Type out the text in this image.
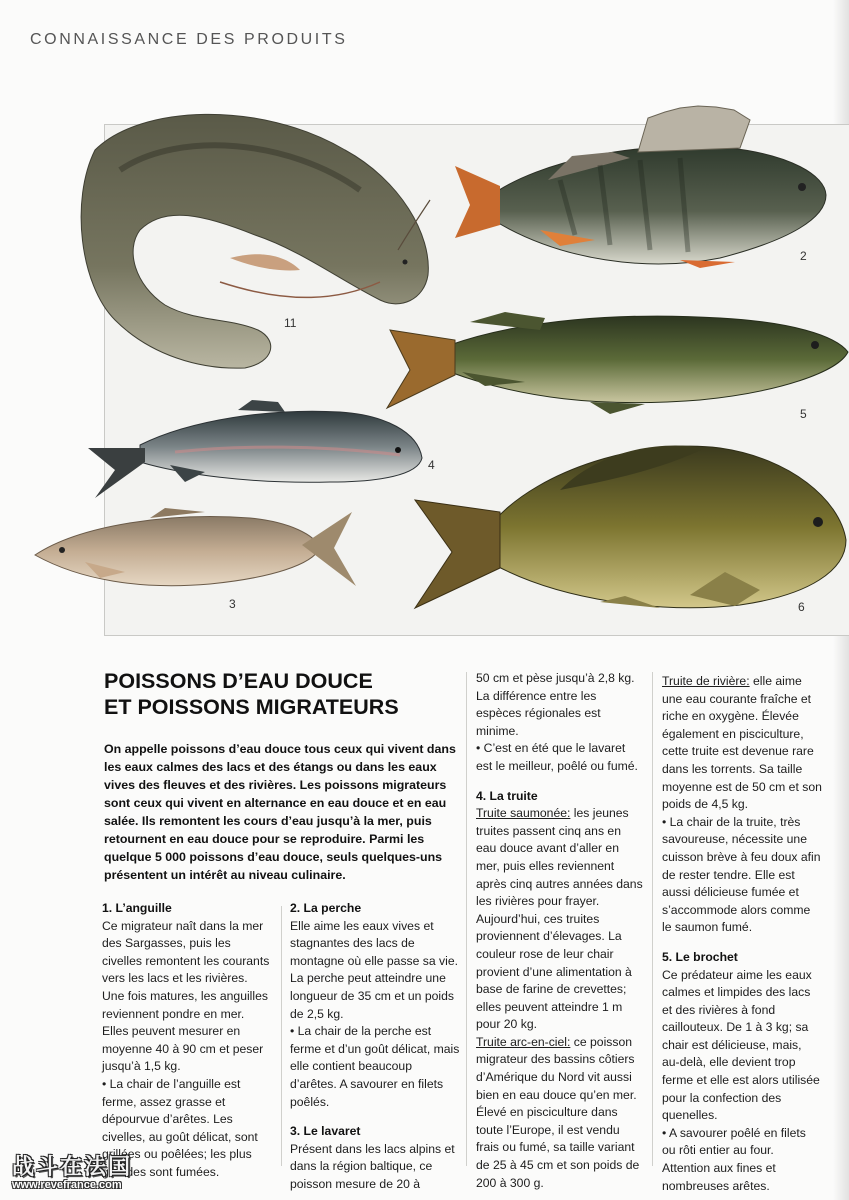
CONNAISSANCE DES PRODUITS
11
2
5
4
3	6
POISSONS D’EAU DOUCE
ET POISSONS MIGRATEURS
On appelle poissons d’eau douce tous ceux qui vivent dans les eaux calmes des lacs et des étangs ou dans les eaux vives des fleuves et des rivières. Les poissons migrateurs sont ceux qui vivent en alternance en eau douce et en eau salée. Ils remontent les cours d’eau jusqu’à la mer, puis retournent en eau douce pour se reproduire. Parmi les quelque 5 000 poissons d’eau douce, seuls quelques-uns présentent un intérêt au niveau culinaire.

1. L’anguille

Ce migrateur naît dans la mer des Sargasses, puis les civelles remontent les courants vers les lacs et les rivières. Une fois matures, les anguilles reviennent pondre en mer. Elles peuvent mesurer en moyenne 40 à 90 cm et peser jusqu’à 1,5 kg.

• La chair de l’anguille est ferme, assez grasse et dépourvue d’arêtes. Les civelles, au goût délicat, sont grillées ou poêlées; les plus grandes sont fumées.

2. La perche

Elle aime les eaux vives et stagnantes des lacs de montagne où elle passe sa vie. La perche peut atteindre une longueur de 35 cm et un poids de 2,5 kg.

• La chair de la perche est ferme et d’un goût délicat, mais elle contient beaucoup d’arêtes. A savourer en filets poêlés.

3. Le lavaret

Présent dans les lacs alpins et dans la région baltique, ce poisson mesure de 20 à

50 cm et pèse jusqu’à 2,8 kg. La différence entre les espèces régionales est minime.

• C’est en été que le lavaret est le meilleur, poêlé ou fumé.

4. La truite

Truite saumonée: les jeunes truites passent cinq ans en eau douce avant d’aller en mer, puis elles reviennent après cinq autres années dans les rivières pour frayer. Aujourd’hui, ces truites proviennent d’élevages. La couleur rose de leur chair provient d’une alimentation à base de farine de crevettes; elles peuvent atteindre 1 m pour 20 kg.

Truite arc-en-ciel: ce poisson migrateur des bassins côtiers d’Amérique du Nord vit aussi bien en eau douce qu’en mer. Élevé en pisciculture dans toute l’Europe, il est vendu frais ou fumé, sa taille variant de 25 à 45 cm et son poids de 200 à 300 g.

Truite de rivière: elle aime une eau courante fraîche et riche en oxygène. Élevée également en pisciculture, cette truite est devenue rare dans les torrents. Sa taille moyenne est de 50 cm et son poids de 4,5 kg.

• La chair de la truite, très savoureuse, nécessite une cuisson brève à feu doux afin de rester tendre. Elle est aussi délicieuse fumée et s’accommode alors comme le saumon fumé.

5. Le brochet

Ce prédateur aime les eaux calmes et limpides des lacs et des rivières à fond caillouteux. De 1 à 3 kg; sa chair est délicieuse, mais, au-delà, elle devient trop ferme et elle est alors utilisée pour la confection des quenelles.

• A savourer poêlé en filets ou rôti entier au four. Attention aux fines et nombreuses arêtes.

战斗在法国
www.revefrance.com
